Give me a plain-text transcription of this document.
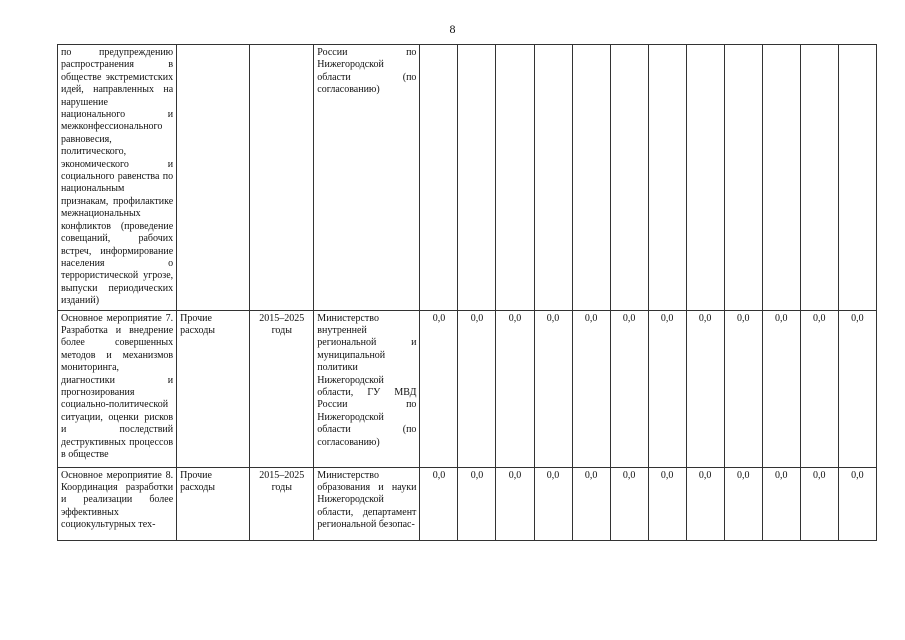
8
по предупреждению распространения в обществе экстремистских идей, направленных на нарушение национального и межконфессионального равновесия, политического, экономического и социального равенства по национальным признакам, профилактике межнациональных конфликтов (проведение совещаний, рабочих встреч, информирование населения о террористической угрозе, выпуски периодических изданий)			России по Нижегородской области (по согласованию)												
Основное мероприятие 7. Разработка и внедрение более совершенных методов и механизмов мониторинга, диагностики и прогнозирования социально-политической ситуации, оценки рисков и последствий деструктивных процессов в обществе	Прочие расходы	2015–2025 годы	Министерство внутренней региональной и муниципальной политики Нижегородской области, ГУ МВД России по Нижегородской области (по согласованию)	0,0	0,0	0,0	0,0	0,0	0,0	0,0	0,0	0,0	0,0	0,0	0,0
Основное мероприятие 8. Координация разработки и реализации более эффективных социокультурных тех-	Прочие расходы	2015–2025 годы	Министерство образования и науки Нижегородской области, департамент региональной безопас-	0,0	0,0	0,0	0,0	0,0	0,0	0,0	0,0	0,0	0,0	0,0	0,0
